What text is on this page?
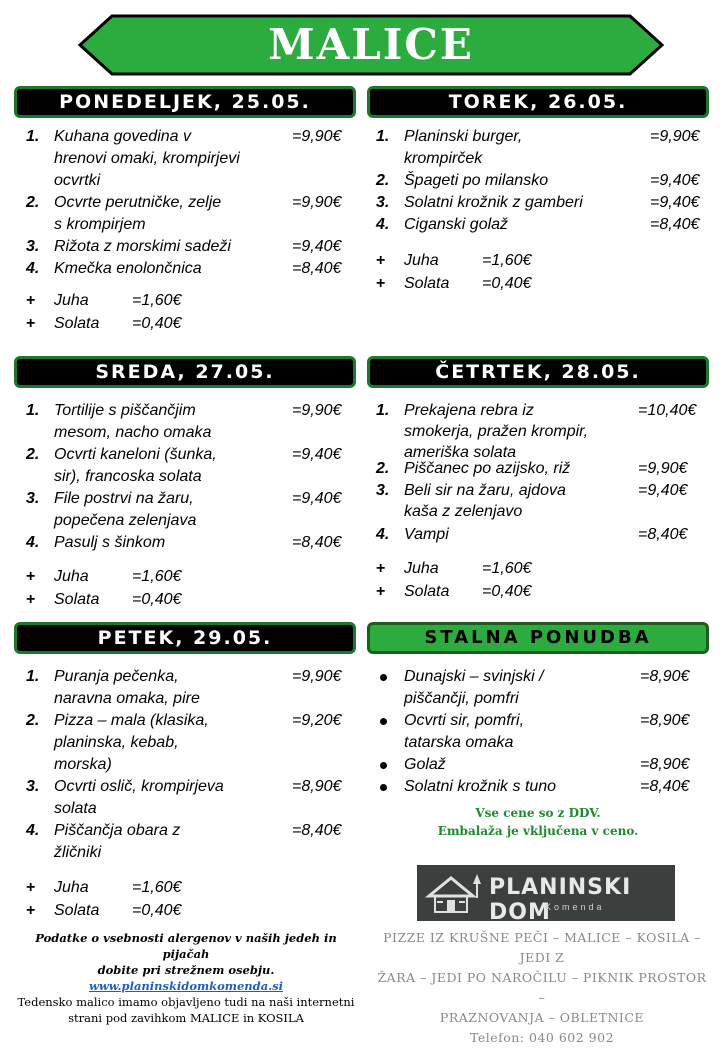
MALICE
PONEDELJEK, 25.05.	TOREK, 26.05.
SREDA, 27.05.	ČETRTEK, 28.05.
PETEK, 29.05.	STALNA PONUDBA
1. Kuhana govedina v
hrenovi omaki, krompirjevi
ocvrtki
=9,90€
2. Ocvrte perutničke, zelje
s krompirjem
=9,90€
3. Rižota z morskimi sadeži	=9,40€
4. Kmečka enolončnica	=8,40€
+ Juha	=1,60€
+ Solata =0,40€
1. Planinski burger,
krompirček
=9,90€
2. Špageti po milansko	=9,40€
3. Solatni krožnik z gamberi	=9,40€
4. Ciganski golaž	=8,40€
+ Juha	=1,60€
+ Solata =0,40€
1. Tortilije s piščančjim
mesom, nacho omaka
=9,90€
2. Ocvrti kaneloni (šunka,
sir), francoska solata
=9,40€
3. File postrvi na žaru,
popečena zelenjava
=9,40€
4. Pasulj s šinkom	=8,40€
+ Juha	=1,60€
+ Solata =0,40€
1. Prekajena rebra iz
smokerja, pražen krompir,
ameriška solata
=10,40€
2. Piščanec po azijsko, riž	=9,90€
3. Beli sir na žaru, ajdova
kaša z zelenjavo
=9,40€
4. Vampi	=8,40€
+ Juha	=1,60€
+ Solata =0,40€
1. Puranja pečenka,
naravna omaka, pire
=9,90€
2. Pizza – mala (klasika,
planinska, kebab,
morska)
=9,20€
3. Ocvrti oslič, krompirjeva
solata
=8,90€
4. Piščančja obara z
žličniki
=8,40€
+ Juha	=1,60€
+ Solata =0,40€
Dunajski – svinjski /
piščančji, pomfri
=8,90€
Ocvrti sir, pomfri,
tatarska omaka
=8,90€
Golaž	=8,90€
Solatni krožnik s tuno	=8,40€
Vse cene so z DDV.
Embalaža je vključena v ceno.
Podatke o vsebnosti alergenov v naših jedeh in pijačah
dobite pri strežnem osebju. www.planinskidomkomenda.si
Tedensko malico imamo objavljeno tudi na naši internetni
strani pod zavihkom MALICE in KOSILA
PLANINSKI DOM
Komenda
PIZZE IZ KRUŠNE PEČI – MALICE – KOSILA – JEDI Z
ŽARA – JEDI PO NAROČILU – PIKNIK PROSTOR –
PRAZNOVANJA – OBLETNICE
Telefon: 040 602 902
